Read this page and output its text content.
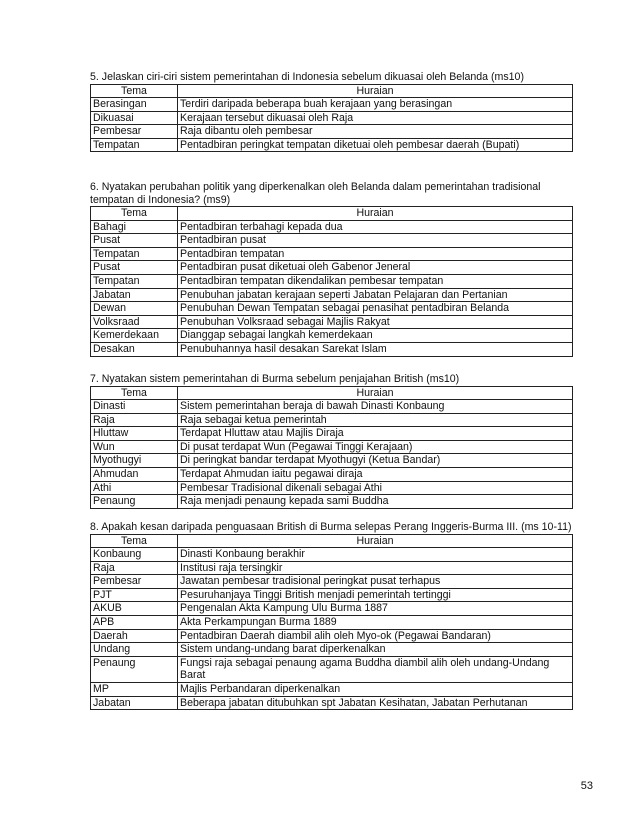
5. Jelaskan ciri-ciri sistem pemerintahan di Indonesia sebelum dikuasai oleh Belanda (ms10)

Tema	Huraian
Berasingan	Terdiri daripada beberapa buah kerajaan yang berasingan
Dikuasai	Kerajaan tersebut dikuasai oleh Raja
Pembesar	Raja dibantu oleh pembesar
Tempatan	Pentadbiran peringkat tempatan diketuai oleh pembesar daerah (Bupati)

6. Nyatakan perubahan politik yang diperkenalkan oleh Belanda dalam pemerintahan tradisional tempatan di Indonesia? (ms9)

Tema	Huraian
Bahagi	Pentadbiran terbahagi kepada dua
Pusat	Pentadbiran pusat
Tempatan	Pentadbiran tempatan
Pusat	Pentadbiran pusat diketuai oleh Gabenor Jeneral
Tempatan	Pentadbiran tempatan dikendalikan pembesar tempatan
Jabatan	Penubuhan jabatan kerajaan seperti Jabatan Pelajaran dan Pertanian
Dewan	Penubuhan Dewan Tempatan sebagai penasihat pentadbiran Belanda
Volksraad	Penubuhan Volksraad sebagai Majlis Rakyat
Kemerdekaan	Dianggap sebagai langkah kemerdekaan
Desakan	Penubuhannya hasil desakan Sarekat Islam

7. Nyatakan sistem pemerintahan di Burma sebelum penjajahan British (ms10)

Tema	Huraian
Dinasti	Sistem pemerintahan beraja di bawah Dinasti Konbaung
Raja	Raja sebagai ketua pemerintah
Hluttaw	Terdapat Hluttaw atau Majlis Diraja
Wun	Di pusat terdapat Wun (Pegawai Tinggi Kerajaan)
Myothugyi	Di peringkat bandar terdapat Myothugyi (Ketua Bandar)
Ahmudan	Terdapat Ahmudan iaitu pegawai diraja
Athi	Pembesar Tradisional dikenali sebagai Athi
Penaung	Raja menjadi penaung kepada sami Buddha

8. Apakah kesan daripada penguasaan British di Burma selepas Perang Inggeris-Burma III. (ms 10-11)

Tema	Huraian
Konbaung	Dinasti Konbaung berakhir
Raja	Institusi raja tersingkir
Pembesar	Jawatan pembesar tradisional peringkat pusat terhapus
PJT	Pesuruhanjaya Tinggi British menjadi pemerintah tertinggi
AKUB	Pengenalan Akta Kampung Ulu Burma 1887
APB	Akta Perkampungan Burma 1889
Daerah	Pentadbiran Daerah diambil alih oleh Myo-ok (Pegawai Bandaran)
Undang	Sistem undang-undang barat diperkenalkan
Penaung	Fungsi raja sebagai penaung agama Buddha diambil alih oleh undang-Undang Barat
MP	Majlis Perbandaran diperkenalkan
Jabatan	Beberapa jabatan ditubuhkan spt Jabatan Kesihatan, Jabatan Perhutanan
53
